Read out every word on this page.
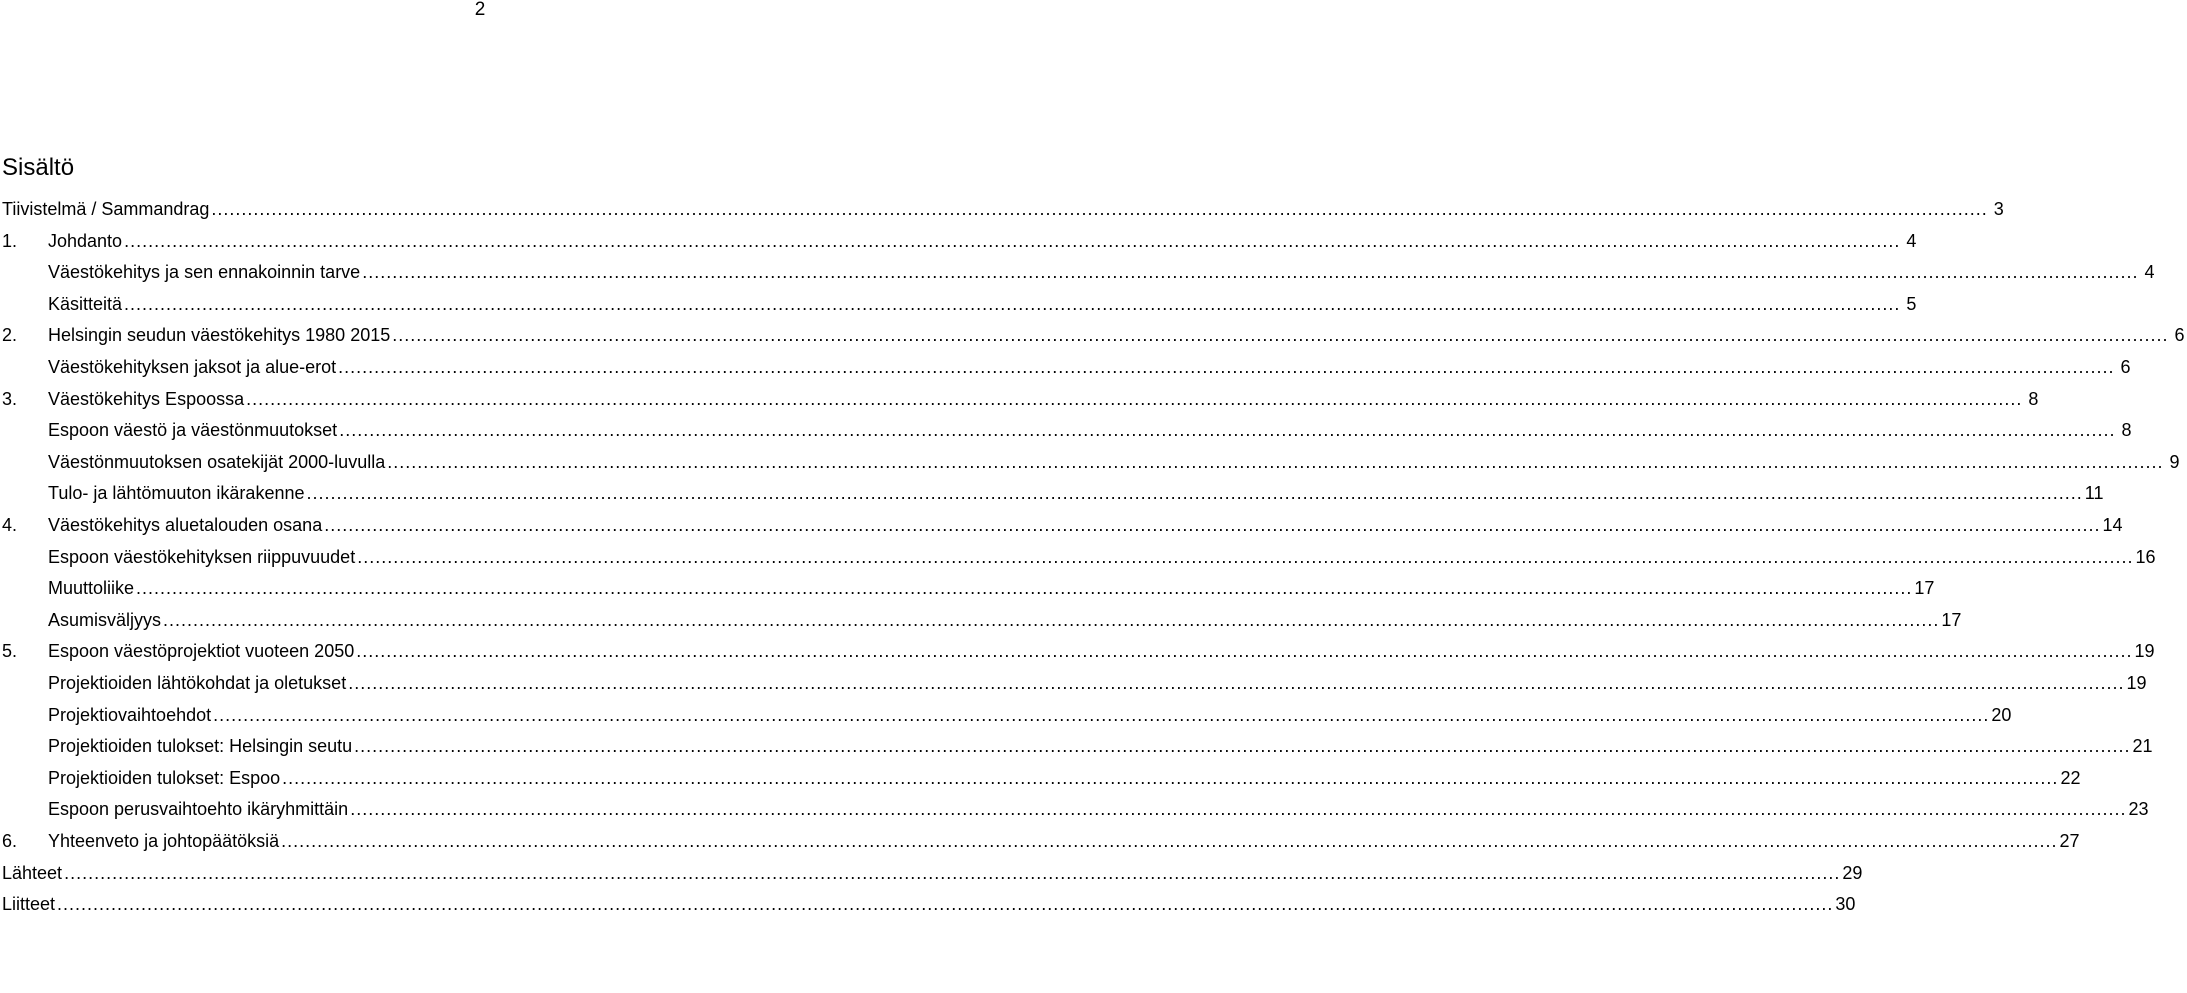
2
Sisältö
Tiivistelmä / Sammandrag .....	3
1.	Johdanto .....	4
Väestökehitys ja sen ennakoinnin tarve .....	4
Käsitteitä .....	5
2.	Helsingin seudun väestökehitys 1980 2015 .....	6
Väestökehityksen jaksot ja alue-erot .....	6
3.	Väestökehitys Espoossa .....	8
Espoon väestö ja väestönmuutokset .....	8
Väestönmuutoksen osatekijät 2000-luvulla .....	9
Tulo- ja lähtömuuton ikärakenne .....	11
4.	Väestökehitys aluetalouden osana .....	14
Espoon väestökehityksen riippuvuudet .....	16
Muuttoliike .....	17
Asumisväljyys .....	17
5.	Espoon väestöprojektiot vuoteen 2050 .....	19
Projektioiden lähtökohdat ja oletukset .....	19
Projektiovaihtoehdot .....	20
Projektioiden tulokset: Helsingin seutu .....	21
Projektioiden tulokset: Espoo .....	22
Espoon perusvaihtoehto ikäryhmittäin .....	23
6.	Yhteenveto ja johtopäätöksiä .....	27
Lähteet .....	29
Liitteet .....	30
